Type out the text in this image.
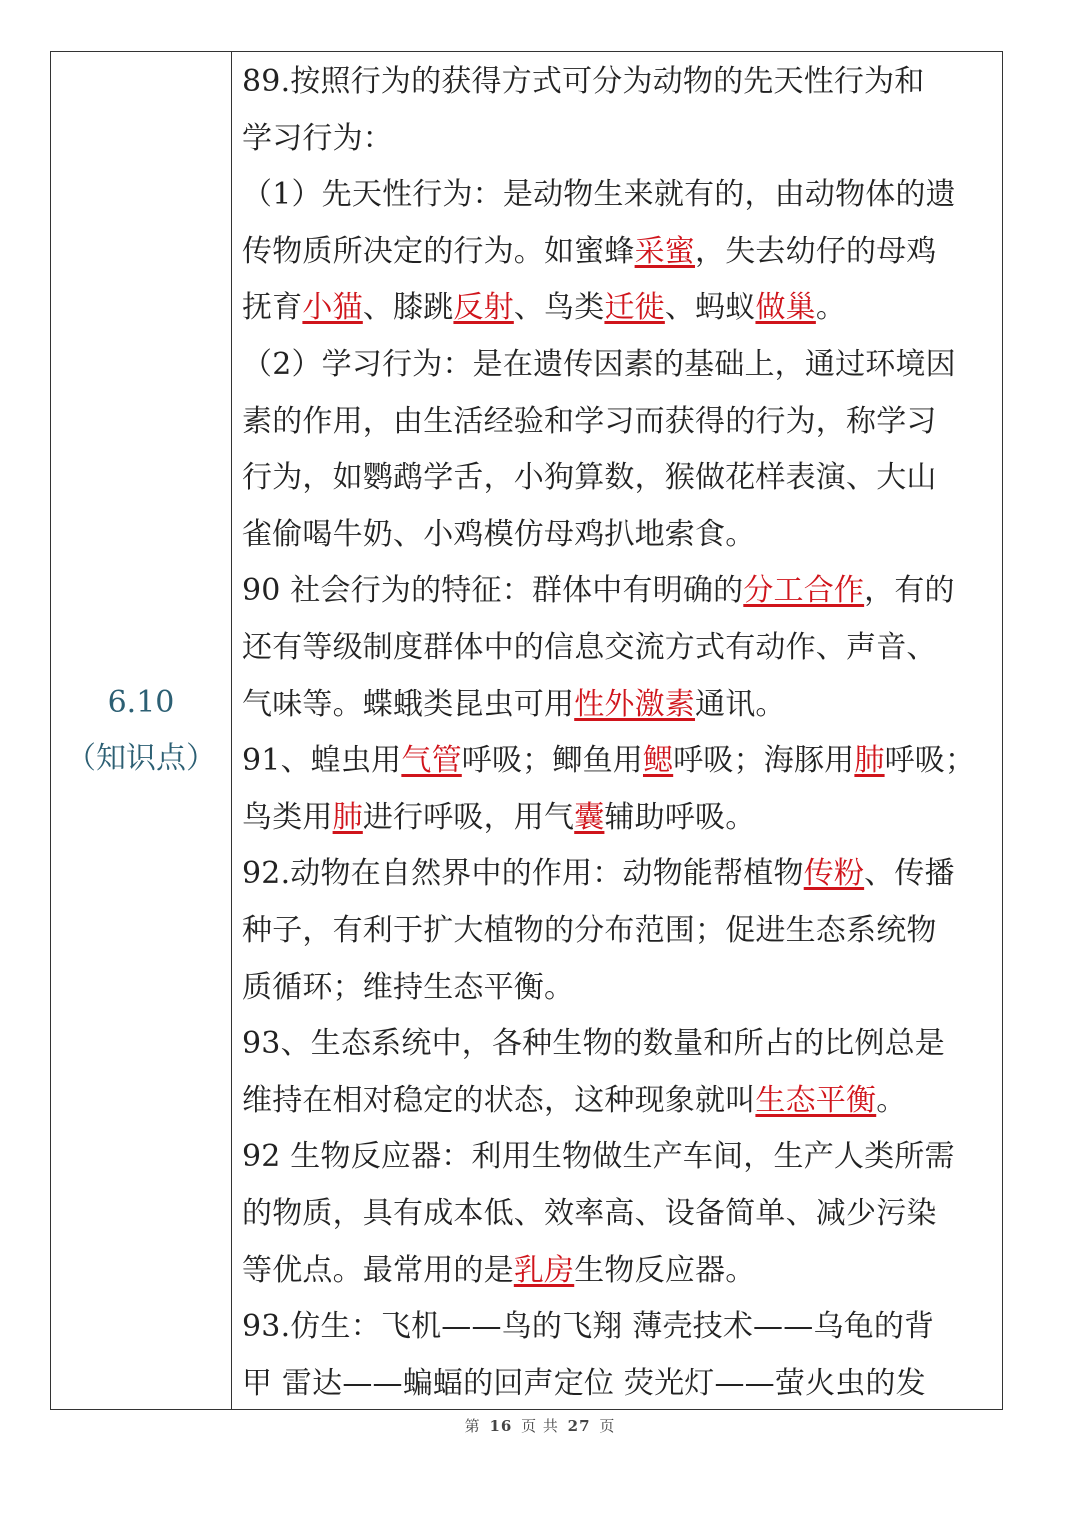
6.10
（知识点）
89.按照行为的获得方式可分为动物的先天性行为和
学习行为：
（1）先天性行为：是动物生来就有的，由动物体的遗
传物质所决定的行为。如蜜蜂采蜜，失去幼仔的母鸡
抚育小猫、膝跳反射、鸟类迁徙、蚂蚁做巢。
（2）学习行为：是在遗传因素的基础上，通过环境因
素的作用，由生活经验和学习而获得的行为，称学习
行为，如鹦鹉学舌，小狗算数，猴做花样表演、大山
雀偷喝牛奶、小鸡模仿母鸡扒地索食。
90 社会行为的特征：群体中有明确的分工合作，有的
还有等级制度群体中的信息交流方式有动作、声音、
气味等。蝶蛾类昆虫可用性外激素通讯。
91、蝗虫用气管呼吸；鲫鱼用鳃呼吸；海豚用肺呼吸；
鸟类用肺进行呼吸，用气囊辅助呼吸。
92.动物在自然界中的作用：动物能帮植物传粉、传播
种子，有利于扩大植物的分布范围；促进生态系统物
质循环；维持生态平衡。
93、生态系统中，各种生物的数量和所占的比例总是
维持在相对稳定的状态，这种现象就叫生态平衡。
92 生物反应器：利用生物做生产车间，生产人类所需
的物质，具有成本低、效率高、设备简单、减少污染
等优点。最常用的是乳房生物反应器。
93.仿生：飞机——鸟的飞翔 薄壳技术——乌龟的背
甲 雷达——蝙蝠的回声定位 荧光灯——萤火虫的发
第 16 页 共 27 页
